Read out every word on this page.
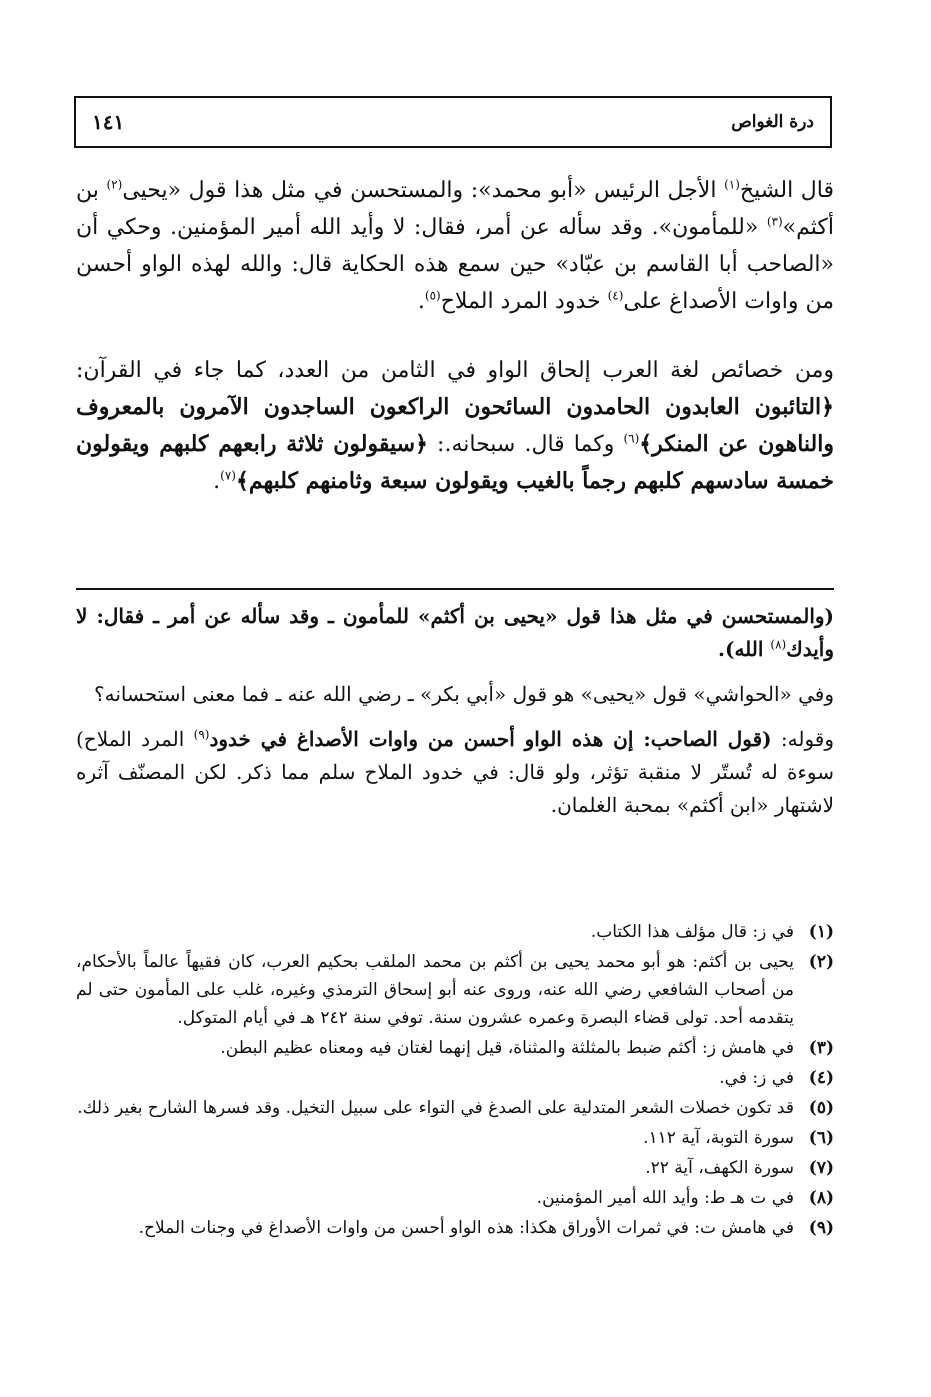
درة الغواص
١٤١

قال الشيخ$^{(١)}$ الأجل الرئيس «أبو محمد»: والمستحسن في مثل هذا قول «يحيى$^{(٢)}$ بن أكثم»$^{(٣)}$ «للمأمون». وقد سأله عن أمر، فقال: لا وأيد الله أمير المؤمنين. وحكي أن «الصاحب أبا القاسم بن عبّاد» حين سمع هذه الحكاية قال: والله لهذه الواو أحسن من واوات الأصداغ على$^{(٤)}$ خدود المرد الملاح$^{(٥)}$.

ومن خصائص لغة العرب إلحاق الواو في الثامن من العدد، كما جاء في القرآن: ﴿التائبون العابدون الحامدون السائحون الراكعون الساجدون الآمرون بالمعروف والناهون عن المنكر﴾$^{(٦)}$ وكما قال. سبحانه.: ﴿سيقولون ثلاثة رابعهم كلبهم ويقولون خمسة سادسهم كلبهم رجماً بالغيب ويقولون سبعة وثامنهم كلبهم﴾$^{(٧)}$.

(والمستحسن في مثل هذا قول «يحيى بن أكثم» للمأمون ـ وقد سأله عن أمر ـ فقال: لا وأيدك$^{(٨)}$ الله).

وفي «الحواشي» قول «يحيى» هو قول «أبي بكر» ـ رضي الله عنه ـ فما معنى استحسانه؟

وقوله: (قول الصاحب: إن هذه الواو أحسن من واوات الأصداغ في خدود$^{(٩)}$ المرد الملاح) سوءة له تُستّر لا منقبة تؤثر، ولو قال: في خدود الملاح سلم مما ذكر. لكن المصنّف آثره لاشتهار «ابن أكثم» بمحبة الغلمان.

(١)
في ز: قال مؤلف هذا الكتاب.
(٢)
يحيى بن أكثم: هو أبو محمد يحيى بن أكثم بن محمد الملقب بحكيم العرب، كان فقيهاً عالماً بالأحكام، من أصحاب الشافعي رضي الله عنه، وروى عنه أبو إسحاق الترمذي وغيره، غلب على المأمون حتى لم يتقدمه أحد. تولى قضاء البصرة وعمره عشرون سنة. توفي سنة ٢٤٢ هـ في أيام المتوكل.
(٣)
في هامش ز: أكثم ضبط بالمثلثة والمثناة، قيل إنهما لغتان فيه ومعناه عظيم البطن.
(٤)
في ز: في.
(٥)
قد تكون خصلات الشعر المتدلية على الصدغ في التواء على سبيل التخيل. وقد فسرها الشارح بغير ذلك.
(٦)
سورة التوبة، آية ١١٢.
(٧)
سورة الكهف، آية ٢٢.
(٨)
في ت هـ ط: وأيد الله أمير المؤمنين.
(٩)
في هامش ت: في ثمرات الأوراق هكذا: هذه الواو أحسن من واوات الأصداغ في وجنات الملاح.
